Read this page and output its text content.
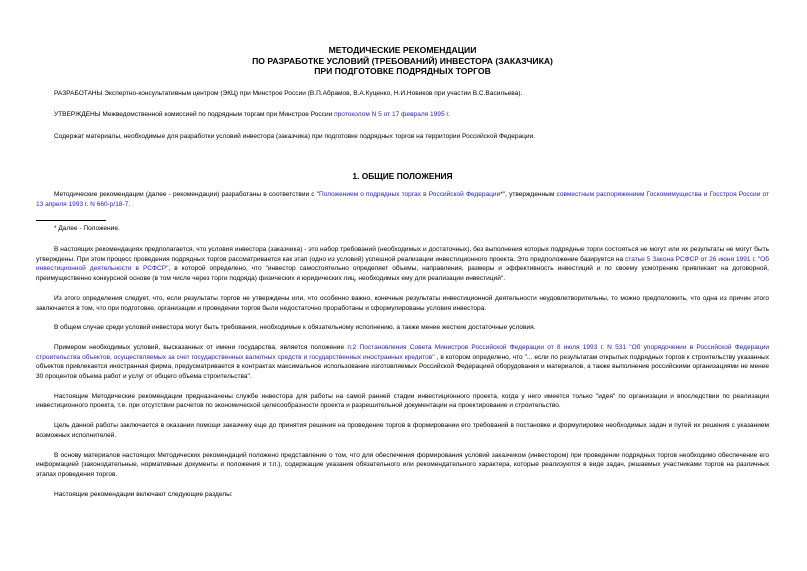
МЕТОДИЧЕСКИЕ РЕКОМЕНДАЦИИ

ПО РАЗРАБОТКЕ УСЛОВИЙ (ТРЕБОВАНИЙ) ИНВЕСТОРА (ЗАКАЗЧИКА)

ПРИ ПОДГОТОВКЕ ПОДРЯДНЫХ ТОРГОВ

РАЗРАБОТАНЫ Экспертно-консультативным центром (ЭКЦ) при Минстрое России (В.П.Абрамов, В.А.Куценко, Н.И.Новиков при участии В.С.Васильева).

УТВЕРЖДЕНЫ Межведомственной комиссией по подрядным торгам при Минстрое России протоколом N 5 от 17 февраля 1995 г.

Содержат материалы, необходимые для разработки условий инвестора (заказчика) при подготовке подрядных торгов на территории Российской Федерации.

1. ОБЩИЕ ПОЛОЖЕНИЯ

Методические рекомендации (далее - рекомендации) разработаны в соответствии с "Положением о подрядных торгах в Российской Федерации*", утвержденным совместным распоряжением Госкомимущества и Госстроя России от 13 апреля 1993 г. N 660-р/18-7.

* Далее - Положение.

В настоящих рекомендациях предполагается, что условия инвестора (заказчика) - это набор требований (необходимых и достаточных), без выполнения которых подрядные торги состояться не могут или их результаты не могут быть утверждены. При этом процесс проведения подрядных торгов рассматривается как этап (одно из условий) успешной реализации инвестиционного проекта. Это предположение базируется на статье 5 Закона РСФСР от 26 июня 1991 г. "Об инвестиционной деятельности в РСФСР", в которой определено, что "инвестор самостоятельно определяет объемы, направления, размеры и эффективность инвестиций и по своему усмотрению привлекает на договорной, преимущественно конкурсной основе (в том числе через торги подряда) физических и юридических лиц, необходимых ему для реализации инвестиций".

Из этого определения следует, что, если результаты торгов не утверждены или, что особенно важно, конечные результаты инвестиционной деятельности неудовлетворительны, то можно предположить, что одна из причин этого заключается в том, что при подготовке, организации и проведении торгов были недостаточно проработаны и сформулированы условия инвестора.

В общем случае среди условий инвестора могут быть требования, необходимые к обязательному исполнению, а также менее жесткие достаточные условия.

Примером необходимых условий, высказанных от имени государства, является положение п.2 Постановления Совета Министров Российской Федерации от 8 июля 1993 г. N 531 "Об упорядочении в Российской Федерации строительства объектов, осуществляемых за счет государственных валютных средств и государственных иностранных кредитов" , в котором определено, что "... если по результатам открытых подрядных торгов к строительству указанных объектов привлекается иностранная фирма, предусматривается в контрактах максимальное использование изготовляемых Российской Федерацией оборудования и материалов, а также выполнение российскими организациями не менее 30 процентов объема работ и услуг от общего объема строительства".

Настоящие Методические рекомендации предназначены службе инвестора для работы на самой ранней стадии инвестиционного проекта, когда у него имеется только "идея" по организации и впоследствии по реализации инвестиционного проекта, т.е. при отсутствии расчетов по экономической целесообразности проекта и разрешительной документации на проектирование и строительство.

Цель данной работы заключается в оказании помощи заказчику еще до принятия решения на проведение торгов в формировании его требований в постановке и формулировке необходимых задач и путей их решения с указанием возможных исполнителей.

В основу материалов настоящих Методических рекомендаций положено представление о том, что для обеспечения формирования условий заказчиком (инвестором) при проведении подрядных торгов необходимо обеспечение его информацией (законодательные, нормативные документы и положения и т.п.), содержащие указания обязательного или рекомендательного характера, которые реализуются в виде задач, решаемых участниками торгов на различных этапах проведения торгов.

Настоящие рекомендации включают следующие разделы:
